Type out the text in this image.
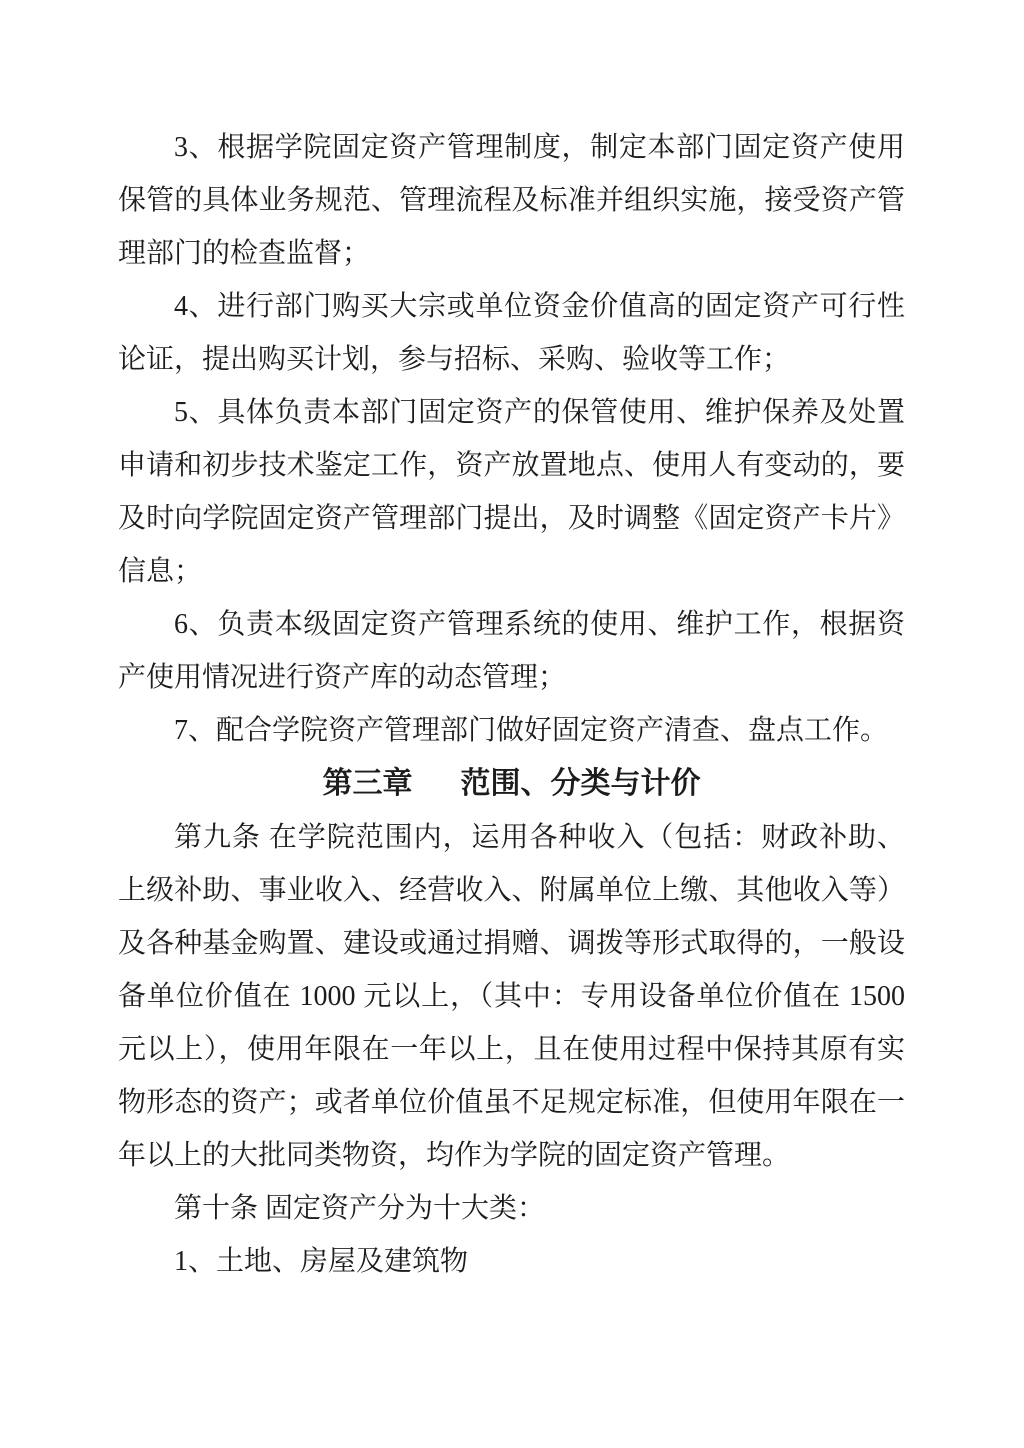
3、根据学院固定资产管理制度，制定本部门固定资产使用保管的具体业务规范、管理流程及标准并组织实施，接受资产管理部门的检查监督；

4、进行部门购买大宗或单位资金价值高的固定资产可行性论证，提出购买计划，参与招标、采购、验收等工作；

5、具体负责本部门固定资产的保管使用、维护保养及处置申请和初步技术鉴定工作，资产放置地点、使用人有变动的，要及时向学院固定资产管理部门提出，及时调整《固定资产卡片》信息；

6、负责本级固定资产管理系统的使用、维护工作，根据资产使用情况进行资产库的动态管理；

7、配合学院资产管理部门做好固定资产清查、盘点工作。

第三章 范围、分类与计价

第九条 在学院范围内，运用各种收入（包括：财政补助、上级补助、事业收入、经营收入、附属单位上缴、其他收入等）及各种基金购置、建设或通过捐赠、调拨等形式取得的，一般设备单位价值在 1000 元以上，（其中：专用设备单位价值在 1500 元以上），使用年限在一年以上，且在使用过程中保持其原有实物形态的资产；或者单位价值虽不足规定标准，但使用年限在一年以上的大批同类物资，均作为学院的固定资产管理。

第十条 固定资产分为十大类：

1、土地、房屋及建筑物
